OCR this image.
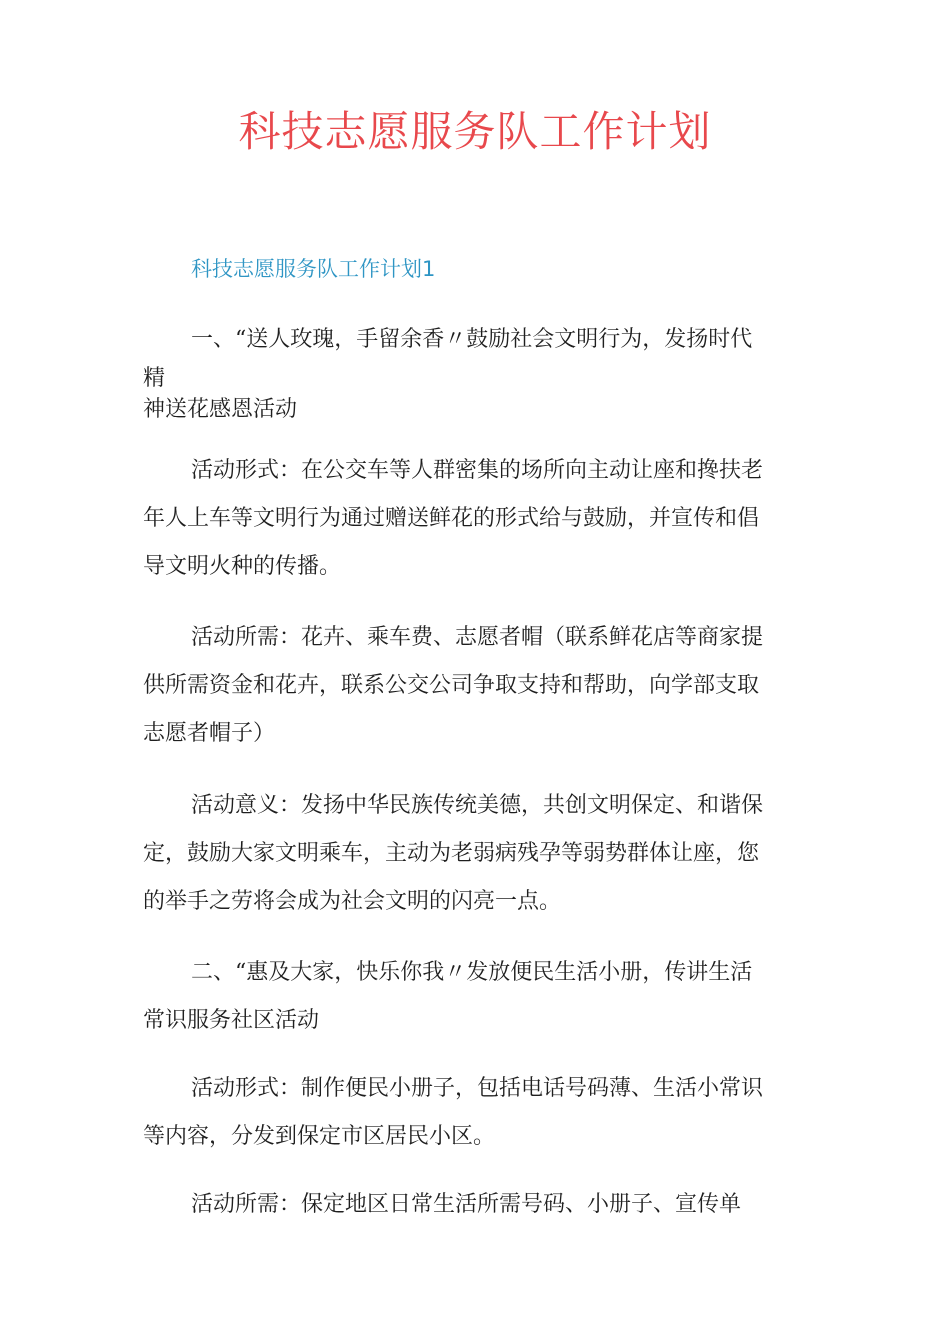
科技志愿服务队工作计划
科技志愿服务队工作计划1

一、“送人玫瑰，手留余香〃鼓励社会文明行为，发扬时代
精

神送花感恩活动

活动形式：在公交车等人群密集的场所向主动让座和搀扶老
年人上车等文明行为通过赠送鲜花的形式给与鼓励，并宣传和倡
导文明火种的传播。

活动所需：花卉、乘车费、志愿者帽（联系鲜花店等商家提
供所需资金和花卉，联系公交公司争取支持和帮助，向学部支取
志愿者帽子）

活动意义：发扬中华民族传统美德，共创文明保定、和谐保
定，鼓励大家文明乘车，主动为老弱病残孕等弱势群体让座，您
的举手之劳将会成为社会文明的闪亮一点。

二、“惠及大家，快乐你我〃发放便民生活小册，传讲生活
常识服务社区活动

活动形式：制作便民小册子，包括电话号码薄、生活小常识
等内容，分发到保定市区居民小区。

活动所需：保定地区日常生活所需号码、小册子、宣传单
